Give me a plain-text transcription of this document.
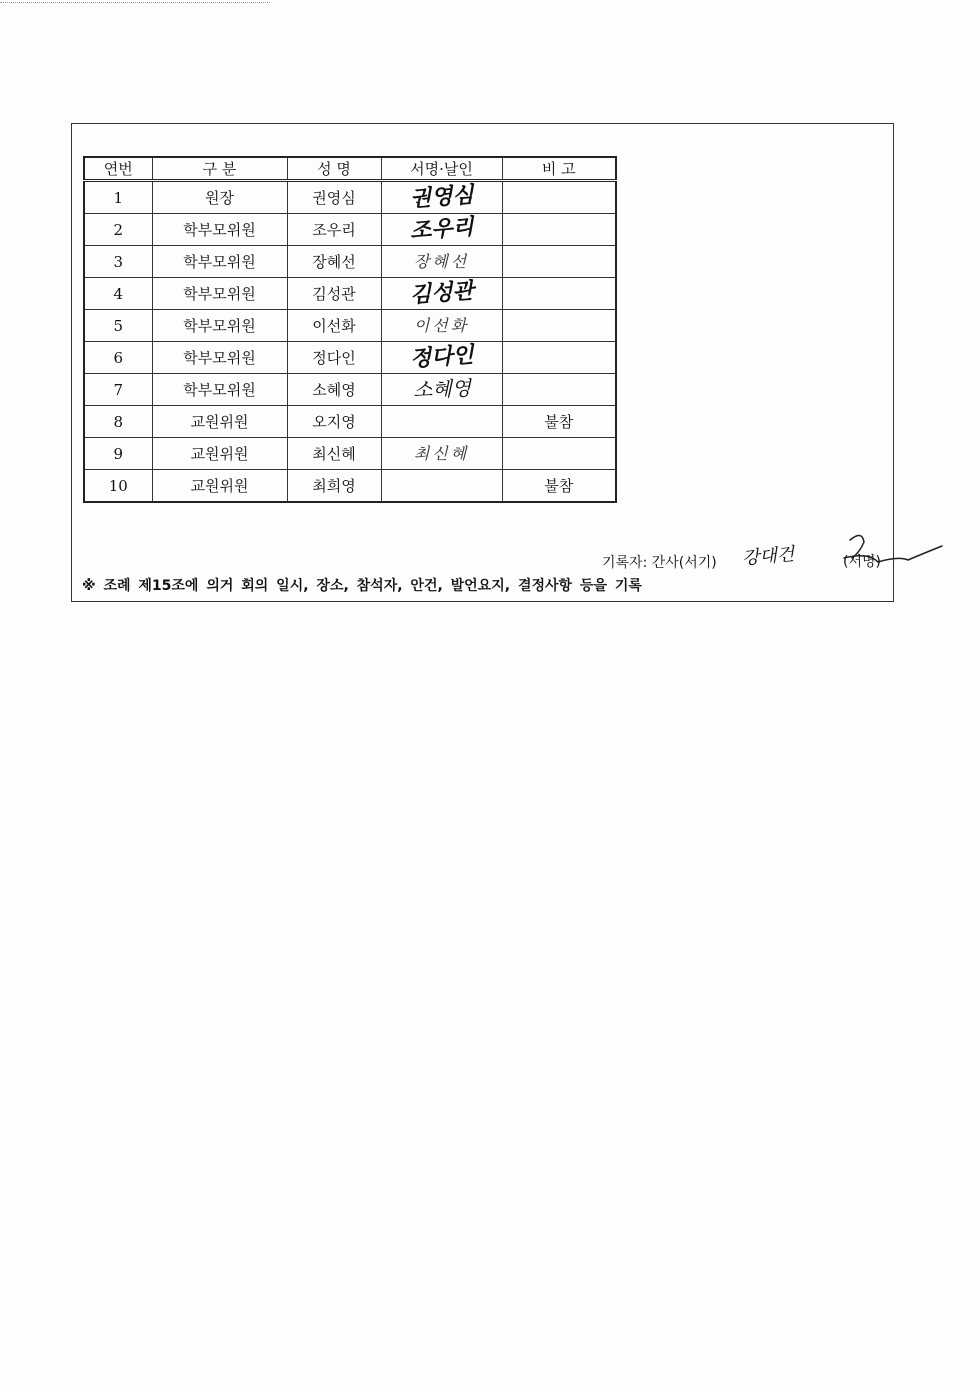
연번	구 분	성 명	서명·날인	비 고
1	원장	권영심	권영심	
2	학부모위원	조우리	조우리	
3	학부모위원	장혜선	장혜선	
4	학부모위원	김성관	김성관	
5	학부모위원	이선화	이선화	
6	학부모위원	정다인	정다인	
7	학부모위원	소혜영	소혜영	
8	교원위원	오지영		불참
9	교원위원	최신혜	최신혜	
10	교원위원	최희영		불참
기록자: 간사(서기) 강대건	(서명)
※ 조례 제15조에 의거 회의 일시, 장소, 참석자, 안건, 발언요지, 결정사항 등을 기록
